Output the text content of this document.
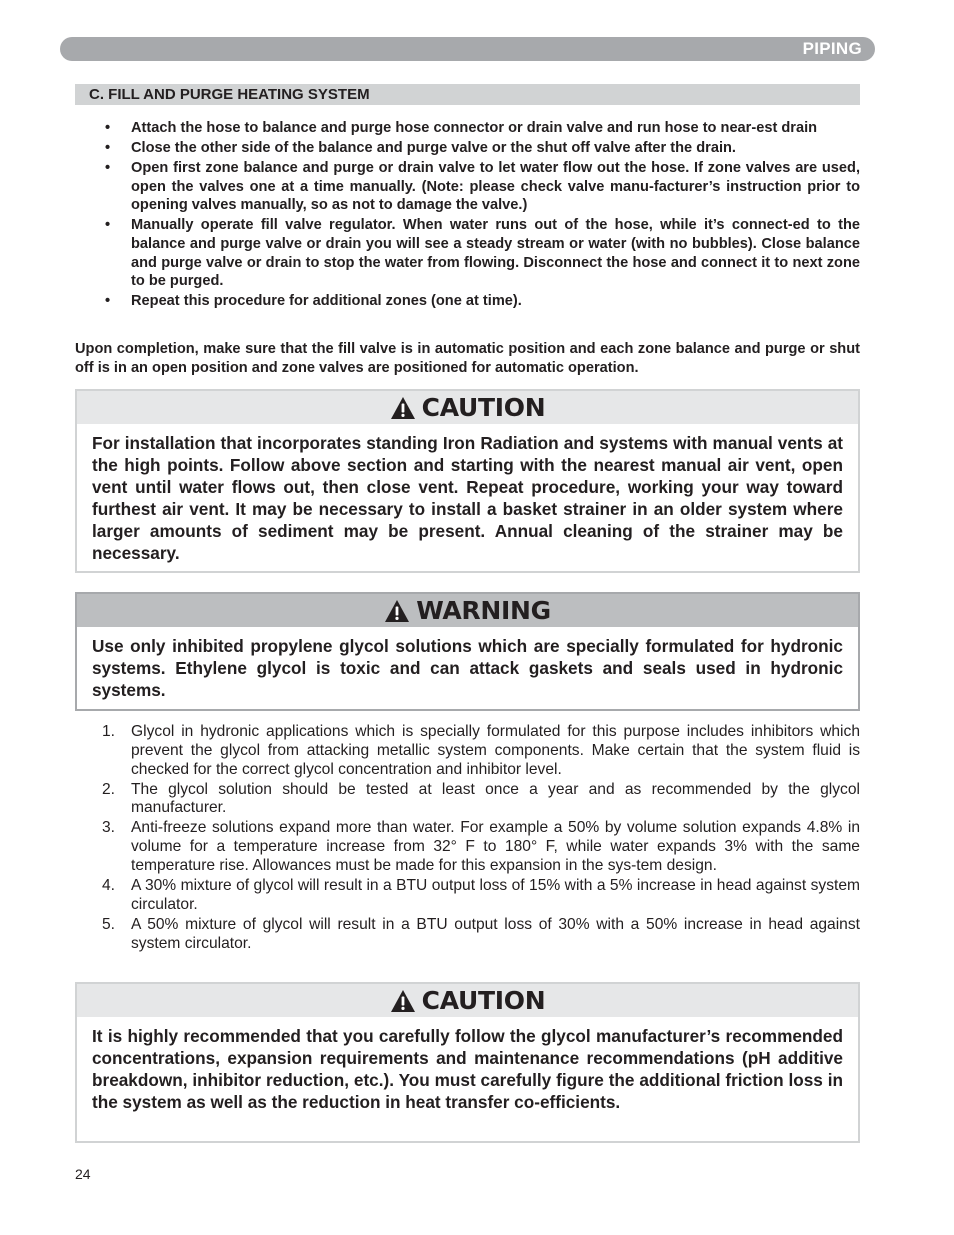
PIPING
C. FILL AND PURGE HEATING SYSTEM
• Attach the hose to balance and purge hose connector or drain valve and run hose to near-est drain
• Close the other side of the balance and purge valve or the shut off valve after the drain.
• Open first zone balance and purge or drain valve to let water flow out the hose. If zone valves are used, open the valves one at a time manually. (Note: please check valve manu-facturer’s instruction prior to opening valves manually, so as not to damage the valve.)
• Manually operate fill valve regulator. When water runs out of the hose, while it’s connect-ed to the balance and purge valve or drain you will see a steady stream or water (with no bubbles). Close balance and purge valve or drain to stop the water from flowing. Disconnect the hose and connect it to next zone to be purged.
• Repeat this procedure for additional zones (one at time).

Upon completion, make sure that the fill valve is in automatic position and each zone balance and purge or shut off is in an open position and zone valves are positioned for automatic operation.

CAUTION
For installation that incorporates standing Iron Radiation and systems with manual vents at the high points. Follow above section and starting with the nearest manual air vent, open vent until water flows out, then close vent. Repeat procedure, working your way toward furthest air vent. It may be necessary to install a basket strainer in an older system where larger amounts of sediment may be present. Annual cleaning of the strainer may be necessary.
WARNING
Use only inhibited propylene glycol solutions which are specially formulated for hydronic systems. Ethylene glycol is toxic and can attack gaskets and seals used in hydronic systems.
1. Glycol in hydronic applications which is specially formulated for this purpose includes inhibitors which prevent the glycol from attacking metallic system components. Make certain that the system fluid is checked for the correct glycol concentration and inhibitor level.
2. The glycol solution should be tested at least once a year and as recommended by the glycol manufacturer.
3. Anti-freeze solutions expand more than water. For example a 50% by volume solution expands 4.8% in volume for a temperature increase from 32° F to 180° F, while water expands 3% with the same temperature rise. Allowances must be made for this expansion in the sys-tem design.
4. A 30% mixture of glycol will result in a BTU output loss of 15% with a 5% increase in head against system circulator.
5. A 50% mixture of glycol will result in a BTU output loss of 30% with a 50% increase in head against system circulator.
CAUTION
It is highly recommended that you carefully follow the glycol manufacturer’s recommended concentrations, expansion requirements and maintenance recommendations (pH additive breakdown, inhibitor reduction, etc.). You must carefully figure the additional friction loss in the system as well as the reduction in heat transfer co-efficients.
24
